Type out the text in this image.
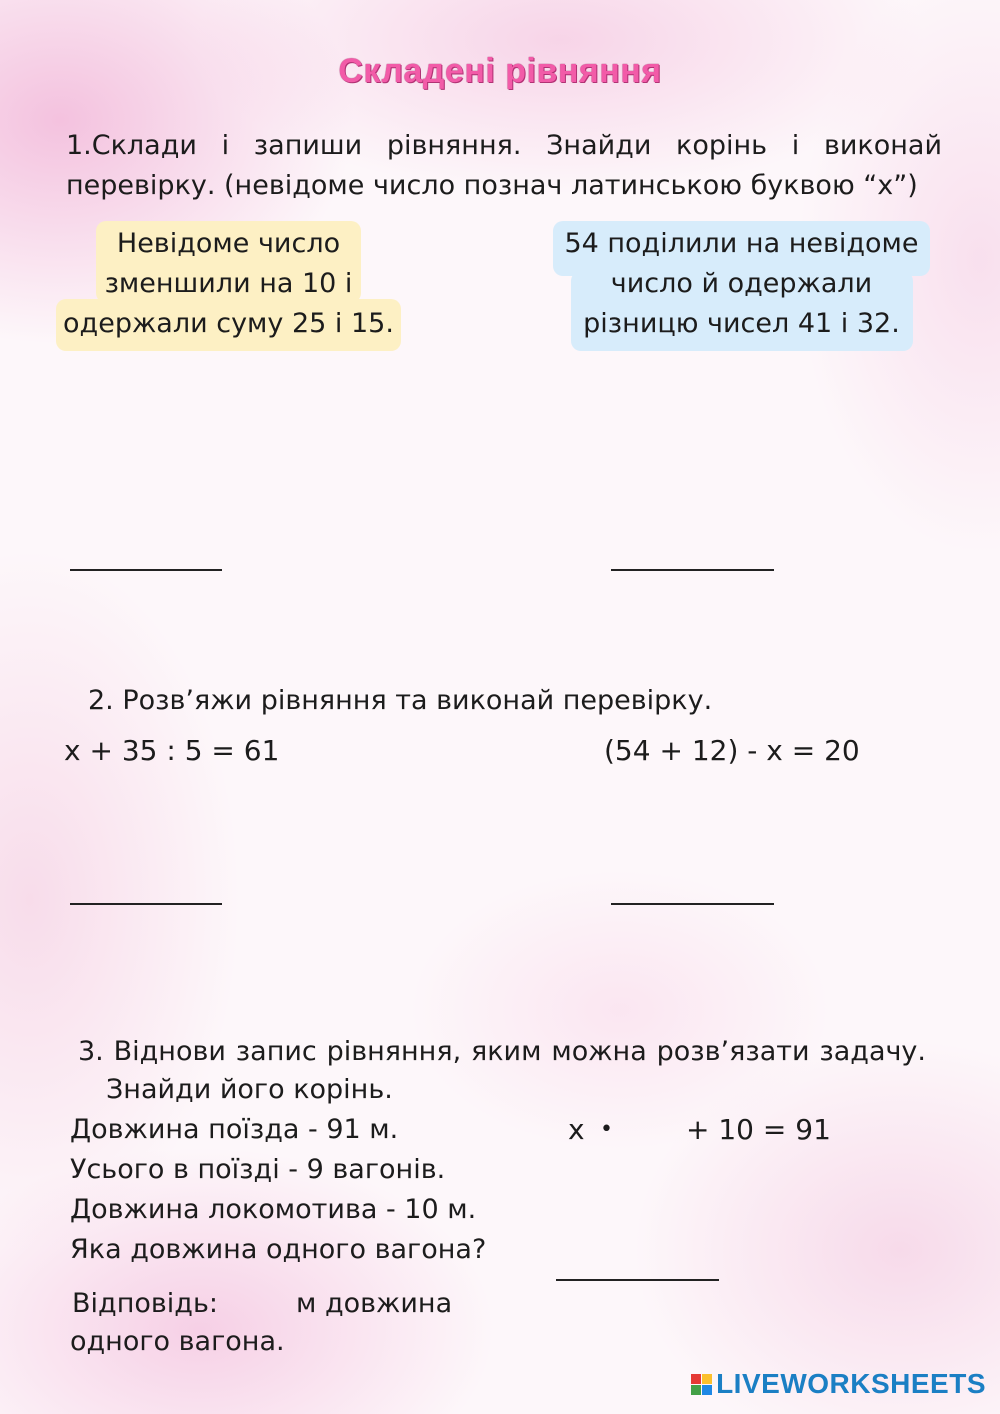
Складені рівняння
1.Склади і запиши рівняння. Знайди корінь і виконай
перевірку. (невідоме число познач латинською буквою “х”)
Невідоме число
зменшили на 10 і
одержали суму 25 і 15.
54 поділили на невідоме
число й одержали
різницю чисел 41 і 32.
2. Розв’яжи рівняння та виконай перевірку.
х + 35 : 5 = 61	(54 + 12) - х = 20
3. Віднови запис рівняння, яким можна розв’язати задачу.
Знайди його корінь.
Довжина поїзда - 91 м.
Усього в поїзді - 9 вагонів.
Довжина локомотива - 10 м.
Яка довжина одного вагона?
х •	+ 10 = 91
Відповідь:	м довжина
одного вагона.
LIVEWORKSHEETS
